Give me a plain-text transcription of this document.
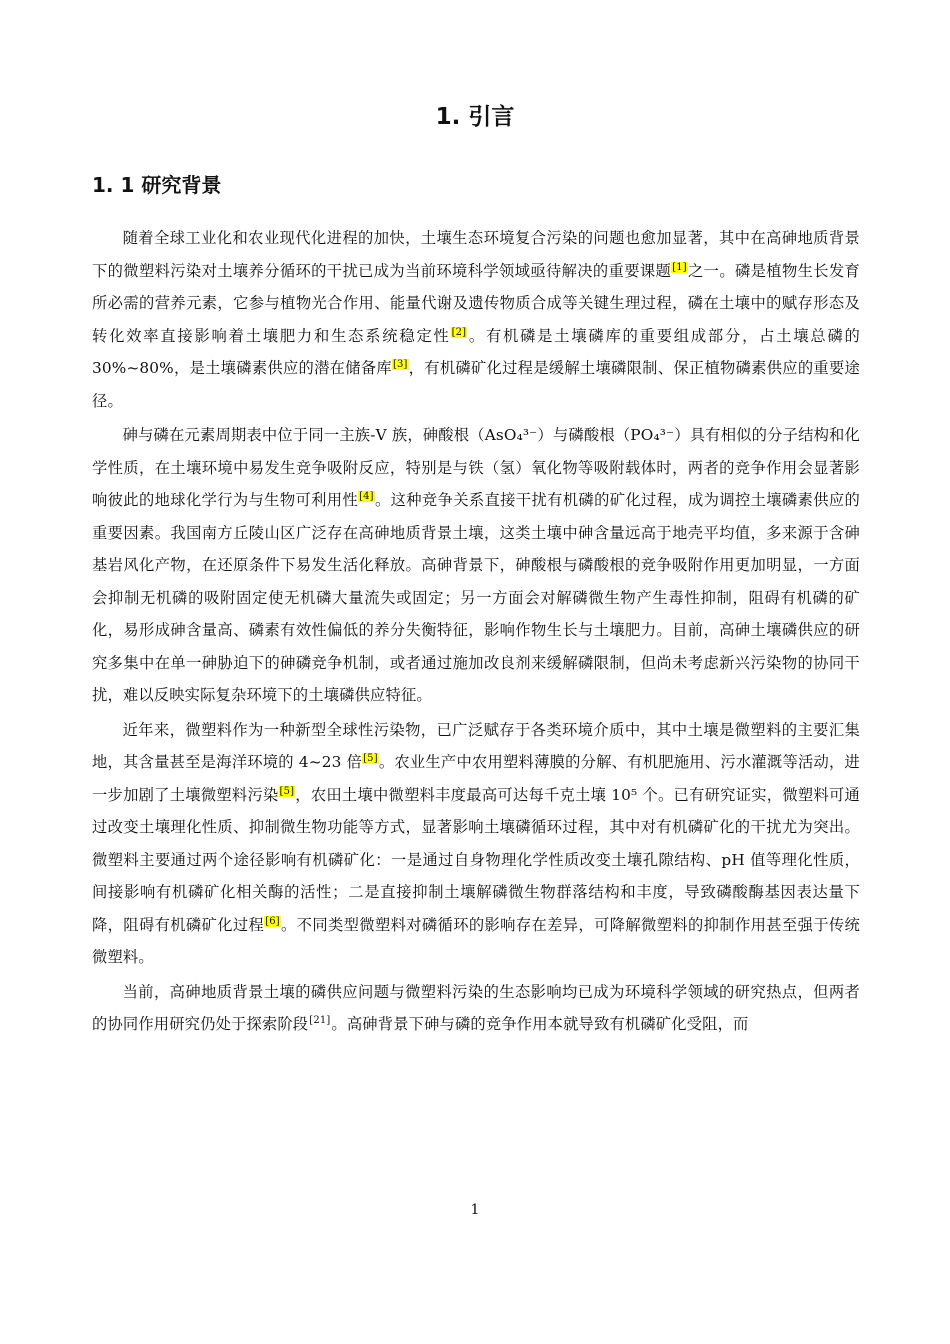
1. 引言
1. 1 研究背景

随着全球工业化和农业现代化进程的加快，土壤生态环境复合污染的问题也愈加显著，其中在高砷地质背景下的微塑料污染对土壤养分循环的干扰已成为当前环境科学领域亟待解决的重要课题[1]之一。磷是植物生长发育所必需的营养元素，它参与植物光合作用、能量代谢及遗传物质合成等关键生理过程，磷在土壤中的赋存形态及转化效率直接影响着土壤肥力和生态系统稳定性[2]。有机磷是土壤磷库的重要组成部分，占土壤总磷的 30%~80%，是土壤磷素供应的潜在储备库[3]，有机磷矿化过程是缓解土壤磷限制、保正植物磷素供应的重要途径。

砷与磷在元素周期表中位于同一主族-V 族，砷酸根（AsO₄³⁻）与磷酸根（PO₄³⁻）具有相似的分子结构和化学性质，在土壤环境中易发生竞争吸附反应，特别是与铁（氢）氧化物等吸附载体时，两者的竞争作用会显著影响彼此的地球化学行为与生物可利用性[4]。这种竞争关系直接干扰有机磷的矿化过程，成为调控土壤磷素供应的重要因素。我国南方丘陵山区广泛存在高砷地质背景土壤，这类土壤中砷含量远高于地壳平均值，多来源于含砷基岩风化产物，在还原条件下易发生活化释放。高砷背景下，砷酸根与磷酸根的竞争吸附作用更加明显，一方面会抑制无机磷的吸附固定使无机磷大量流失或固定；另一方面会对解磷微生物产生毒性抑制，阻碍有机磷的矿化，易形成砷含量高、磷素有效性偏低的养分失衡特征，影响作物生长与土壤肥力。目前，高砷土壤磷供应的研究多集中在单一砷胁迫下的砷磷竞争机制，或者通过施加改良剂来缓解磷限制，但尚未考虑新兴污染物的协同干扰，难以反映实际复杂环境下的土壤磷供应特征。

近年来，微塑料作为一种新型全球性污染物，已广泛赋存于各类环境介质中，其中土壤是微塑料的主要汇集地，其含量甚至是海洋环境的 4~23 倍[5]。农业生产中农用塑料薄膜的分解、有机肥施用、污水灌溉等活动，进一步加剧了土壤微塑料污染[5]，农田土壤中微塑料丰度最高可达每千克土壤 10⁵ 个。已有研究证实，微塑料可通过改变土壤理化性质、抑制微生物功能等方式，显著影响土壤磷循环过程，其中对有机磷矿化的干扰尤为突出。微塑料主要通过两个途径影响有机磷矿化：一是通过自身物理化学性质改变土壤孔隙结构、pH 值等理化性质，间接影响有机磷矿化相关酶的活性；二是直接抑制土壤解磷微生物群落结构和丰度，导致磷酸酶基因表达量下降，阻碍有机磷矿化过程[6]。不同类型微塑料对磷循环的影响存在差异，可降解微塑料的抑制作用甚至强于传统微塑料。

当前，高砷地质背景土壤的磷供应问题与微塑料污染的生态影响均已成为环境科学领域的研究热点，但两者的协同作用研究仍处于探索阶段[21]。高砷背景下砷与磷的竞争作用本就导致有机磷矿化受阻，而

1
